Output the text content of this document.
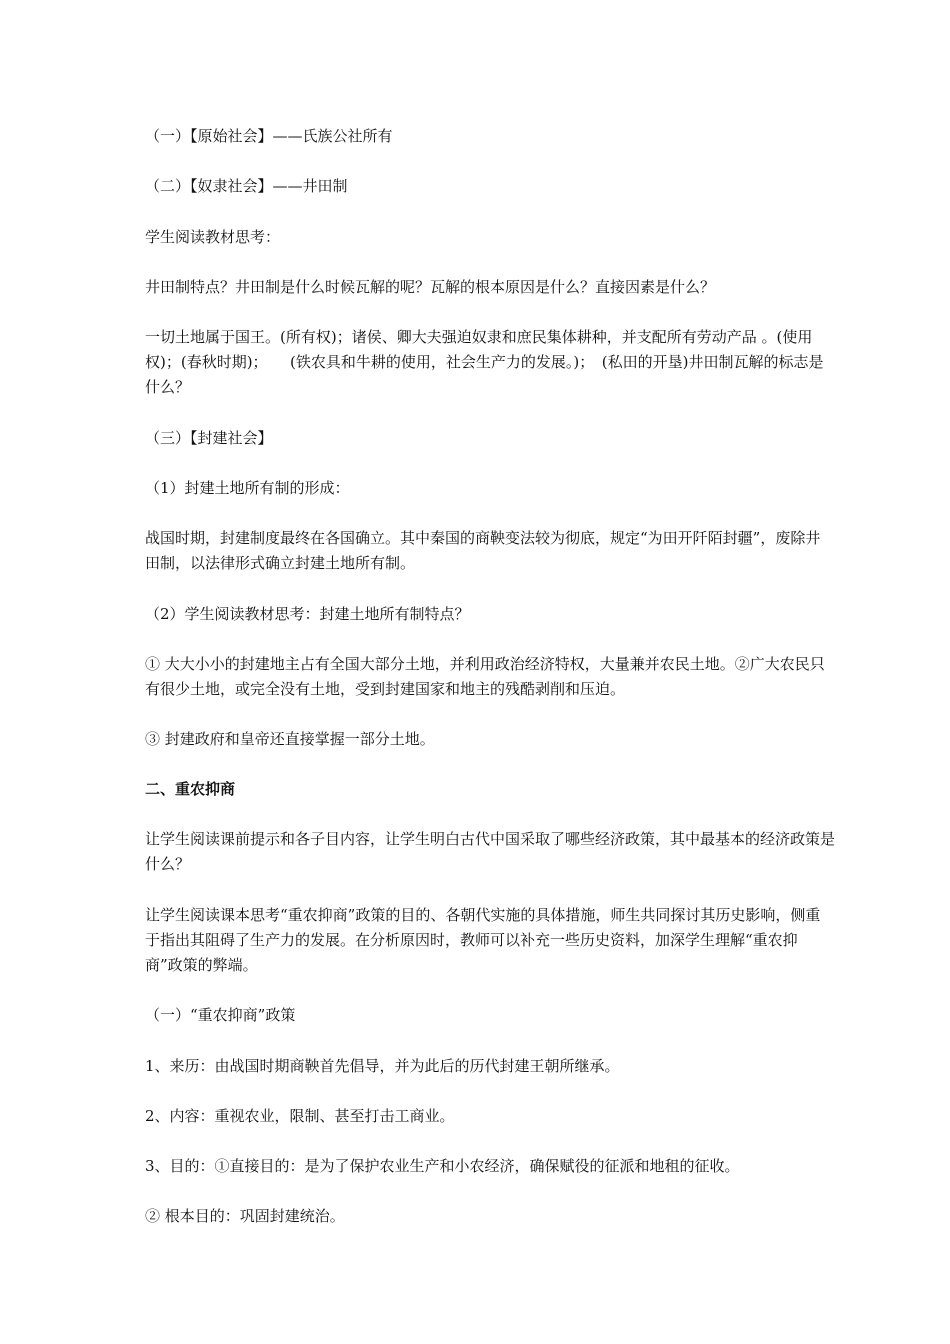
（一）【原始社会】——氏族公社所有

（二）【奴隶社会】——井田制

学生阅读教材思考：

井田制特点？井田制是什么时候瓦解的呢？瓦解的根本原因是什么？直接因素是什么？

一切土地属于国王。(所有权)；诸侯、卿大夫强迫奴隶和庶民集体耕种，并支配所有劳动产品 。(使用权)；(春秋时期)；　　(铁农具和牛耕的使用，社会生产力的发展。)；　(私田的开垦)井田制瓦解的标志是什么？

（三）【封建社会】

（1）封建土地所有制的形成：

战国时期，封建制度最终在各国确立。其中秦国的商鞅变法较为彻底，规定“为田开阡陌封疆”，废除井田制，以法律形式确立封建土地所有制。

（2）学生阅读教材思考：封建土地所有制特点？

① 大大小小的封建地主占有全国大部分土地，并利用政治经济特权，大量兼并农民土地。②广大农民只有很少土地，或完全没有土地，受到封建国家和地主的残酷剥削和压迫。

③ 封建政府和皇帝还直接掌握一部分土地。

二、重农抑商

让学生阅读课前提示和各子目内容，让学生明白古代中国采取了哪些经济政策，其中最基本的经济政策是什么？

让学生阅读课本思考“重农抑商”政策的目的、各朝代实施的具体措施，师生共同探讨其历史影响，侧重于指出其阻碍了生产力的发展。在分析原因时，教师可以补充一些历史资料，加深学生理解“重农抑商”政策的弊端。

（一）“重农抑商”政策

1、来历：由战国时期商鞅首先倡导，并为此后的历代封建王朝所继承。

2、内容：重视农业，限制、甚至打击工商业。

3、目的：①直接目的：是为了保护农业生产和小农经济，确保赋役的征派和地租的征收。

② 根本目的：巩固封建统治。
